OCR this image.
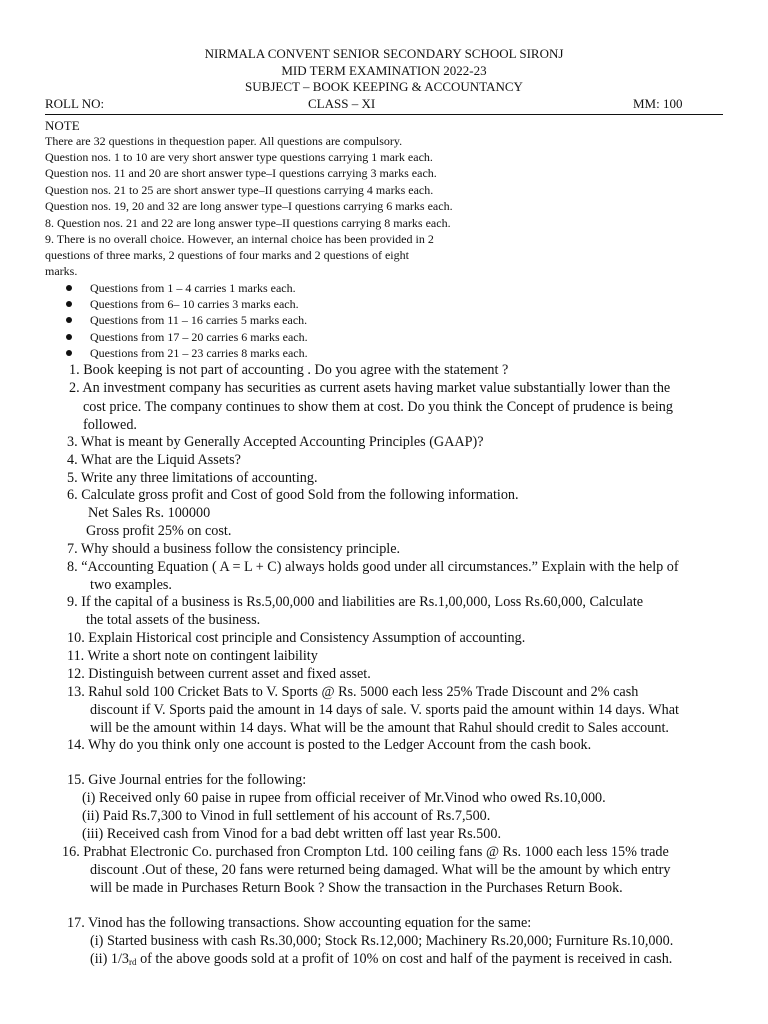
NIRMALA CONVENT SENIOR SECONDARY SCHOOL SIRONJ
MID TERM EXAMINATION 2022-23
SUBJECT – BOOK KEEPING & ACCOUNTANCY
ROLL NO:	CLASS – XI	MM: 100
NOTE
There are 32 questions in thequestion paper. All questions are compulsory.
Question nos. 1 to 10 are very short answer type questions carrying 1 mark each.
Question nos. 11 and 20 are short answer type–I questions carrying 3 marks each.
Question nos. 21 to 25 are short answer type–II questions carrying 4 marks each.
Question nos. 19, 20 and 32 are long answer type–I questions carrying 6 marks each.
8. Question nos. 21 and 22 are long answer type–II questions carrying 8 marks each.
9. There is no overall choice. However, an internal choice has been provided in 2
questions of three marks, 2 questions of four marks and 2 questions of eight
marks.
Questions from 1 – 4 carries 1 marks each.
Questions from 6– 10 carries 3 marks each.
Questions from 11 – 16 carries 5 marks each.
Questions from 17 – 20 carries 6 marks each.
Questions from 21 – 23 carries 8 marks each.
1. Book keeping is not part of accounting . Do you agree with the statement ?
2. An investment company has securities as current asets having market value substantially lower than the
cost price. The company continues to show them at cost. Do you think the Concept of prudence is being
followed.
3. What is meant by Generally Accepted Accounting Principles (GAAP)?
4. What are the Liquid Assets?
5. Write any three limitations of accounting.
6. Calculate gross profit and Cost of good Sold from the following information.
Net Sales Rs. 100000
Gross profit 25% on cost.
7. Why should a business follow the consistency principle.
8. “Accounting Equation ( A = L + C) always holds good under all circumstances.” Explain with the help of
two examples.
9. If the capital of a business is Rs.5,00,000 and liabilities are Rs.1,00,000, Loss Rs.60,000, Calculate
the total assets of the business.
10. Explain Historical cost principle and Consistency Assumption of accounting.
11. Write a short note on contingent laibility
12. Distinguish between current asset and fixed asset.
13. Rahul sold 100 Cricket Bats to V. Sports @ Rs. 5000 each less 25% Trade Discount and 2% cash
discount if V. Sports paid the amount in 14 days of sale. V. sports paid the amount within 14 days. What
will be the amount within 14 days. What will be the amount that Rahul should credit to Sales account.
14. Why do you think only one account is posted to the Ledger Account from the cash book.
15. Give Journal entries for the following:
(i) Received only 60 paise in rupee from official receiver of Mr.Vinod who owed Rs.10,000.
(ii) Paid Rs.7,300 to Vinod in full settlement of his account of Rs.7,500.
(iii) Received cash from Vinod for a bad debt written off last year Rs.500.
16. Prabhat Electronic Co. purchased fron Crompton Ltd. 100 ceiling fans @ Rs. 1000 each less 15% trade
discount .Out of these, 20 fans were returned being damaged. What will be the amount by which entry
will be made in Purchases Return Book ? Show the transaction in the Purchases Return Book.
17. Vinod has the following transactions. Show accounting equation for the same:
(i) Started business with cash Rs.30,000; Stock Rs.12,000; Machinery Rs.20,000; Furniture Rs.10,000.
(ii) 1/3rd of the above goods sold at a profit of 10% on cost and half of the payment is received in cash.
